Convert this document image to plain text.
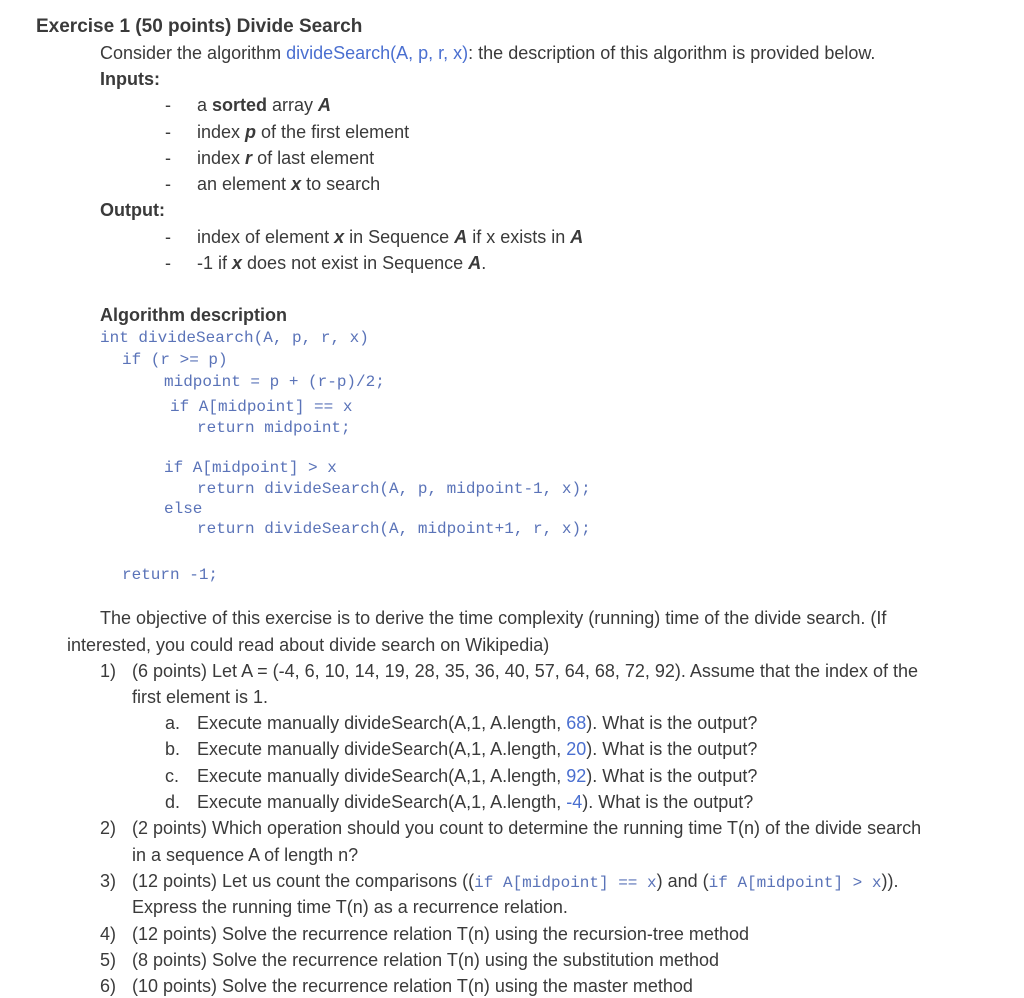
Exercise 1 (50 points) Divide Search
Consider the algorithm divideSearch(A, p, r, x): the description of this algorithm is provided below.
Inputs:
- a sorted array A
- index p of the first element
- index r of last element
- an element x to search
Output:
- index of element x in Sequence A if x exists in A
- -1 if x does not exist in Sequence A.
Algorithm description
int divideSearch(A, p, r, x)
if (r >= p)
midpoint = p + (r-p)/2;
if A[midpoint] == x
return midpoint;
if A[midpoint] > x
return divideSearch(A, p, midpoint-1, x);
else
return divideSearch(A, midpoint+1, r, x);
return -1;
The objective of this exercise is to derive the time complexity (running) time of the divide search. (If
interested, you could read about divide search on Wikipedia)
1) (6 points) Let A = (-4, 6, 10, 14, 19, 28, 35, 36, 40, 57, 64, 68, 72, 92). Assume that the index of the
first element is 1.
a. Execute manually divideSearch(A,1, A.length, 68). What is the output?
b. Execute manually divideSearch(A,1, A.length, 20). What is the output?
c. Execute manually divideSearch(A,1, A.length, 92). What is the output?
d. Execute manually divideSearch(A,1, A.length, -4). What is the output?
2) (2 points) Which operation should you count to determine the running time T(n) of the divide search
in a sequence A of length n?
3) (12 points) Let us count the comparisons ((if A[midpoint] == x) and (if A[midpoint] > x)).
Express the running time T(n) as a recurrence relation.
4) (12 points) Solve the recurrence relation T(n) using the recursion-tree method
5) (8 points) Solve the recurrence relation T(n) using the substitution method
6) (10 points) Solve the recurrence relation T(n) using the master method
